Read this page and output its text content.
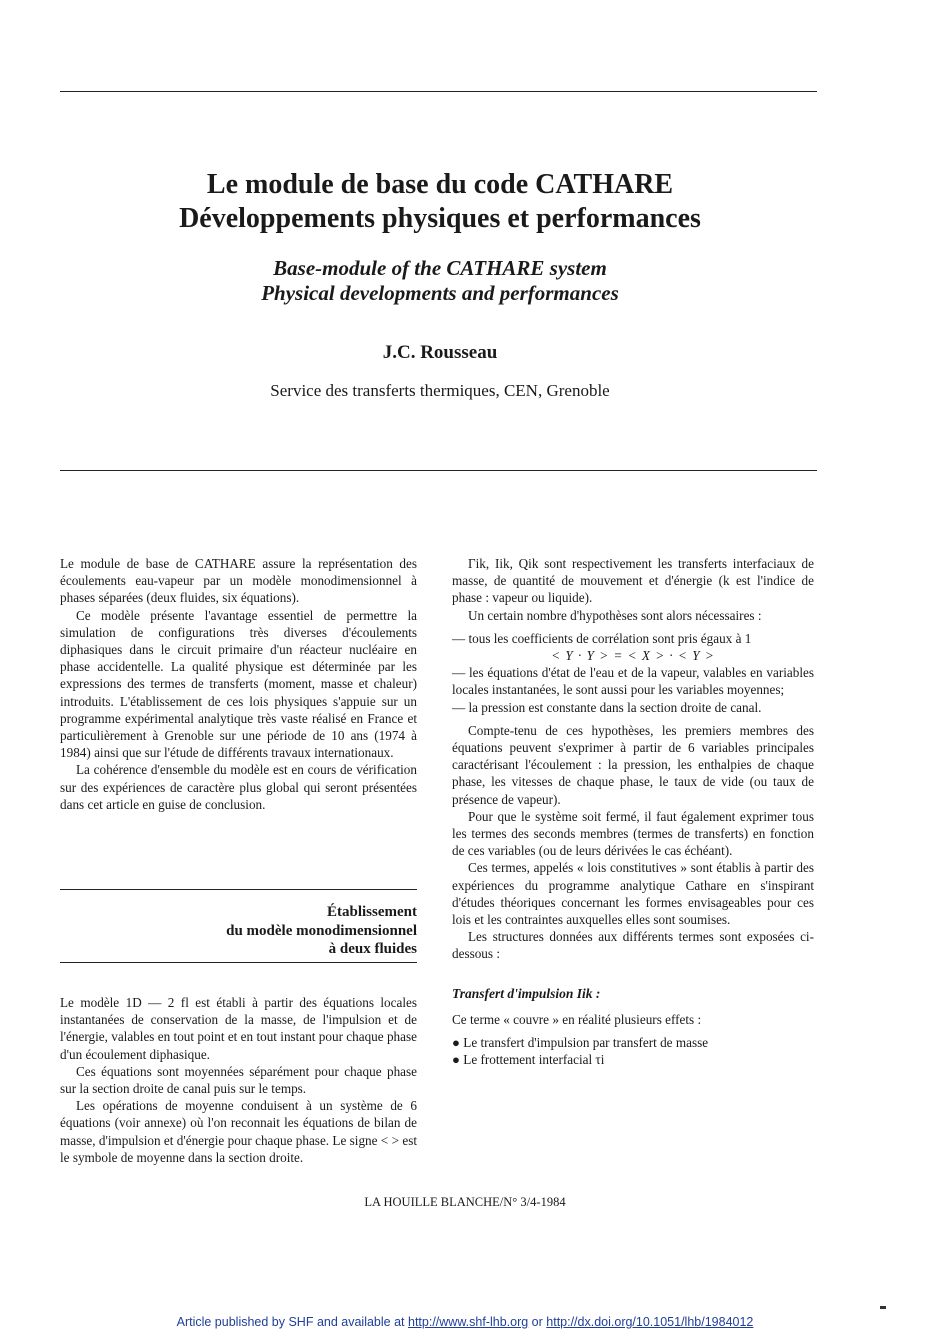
Le module de base du code CATHARE
Développements physiques et performances
Base-module of the CATHARE system
Physical developments and performances
J.C. Rousseau
Service des transferts thermiques, CEN, Grenoble

Le module de base de CATHARE assure la représentation des écoulements eau-vapeur par un modèle monodimensionnel à phases séparées (deux fluides, six équations).

Ce modèle présente l'avantage essentiel de permettre la simulation de configurations très diverses d'écoulements diphasiques dans le circuit primaire d'un réacteur nucléaire en phase accidentelle. La qualité physique est déterminée par les expressions des termes de transferts (moment, masse et chaleur) introduits. L'établissement de ces lois physiques s'appuie sur un programme expérimental analytique très vaste réalisé en France et particulièrement à Grenoble sur une période de 10 ans (1974 à 1984) ainsi que sur l'étude de différents travaux internationaux.

La cohérence d'ensemble du modèle est en cours de vérification sur des expériences de caractère plus global qui seront présentées dans cet article en guise de conclusion.

Établissement
du modèle monodimensionnel
à deux fluides

Le modèle 1D — 2 fl est établi à partir des équations locales instantanées de conservation de la masse, de l'impulsion et de l'énergie, valables en tout point et en tout instant pour chaque phase d'un écoulement diphasique.

Ces équations sont moyennées séparément pour chaque phase sur la section droite de canal puis sur le temps.

Les opérations de moyenne conduisent à un système de 6 équations (voir annexe) où l'on reconnait les équations de bilan de masse, d'impulsion et d'énergie pour chaque phase. Le signe < > est le symbole de moyenne dans la section droite.

Γik, Iik, Qik sont respectivement les transferts interfaciaux de masse, de quantité de mouvement et d'énergie (k est l'indice de phase : vapeur ou liquide).

Un certain nombre d'hypothèses sont alors nécessaires :

— tous les coefficients de corrélation sont pris égaux à 1

< Y · Y > = < X > · < Y >

— les équations d'état de l'eau et de la vapeur, valables en variables locales instantanées, le sont aussi pour les variables moyennes;

— la pression est constante dans la section droite de canal.

Compte-tenu de ces hypothèses, les premiers membres des équations peuvent s'exprimer à partir de 6 variables principales caractérisant l'écoulement : la pression, les enthalpies de chaque phase, les vitesses de chaque phase, le taux de vide (ou taux de présence de vapeur).

Pour que le système soit fermé, il faut également exprimer tous les termes des seconds membres (termes de transferts) en fonction de ces variables (ou de leurs dérivées le cas échéant).

Ces termes, appelés « lois constitutives » sont établis à partir des expériences du programme analytique Cathare en s'inspirant d'études théoriques concernant les formes envisageables pour ces lois et les contraintes auxquelles elles sont soumises.

Les structures données aux différents termes sont exposées ci-dessous :

Transfert d'impulsion Iik :

Ce terme « couvre » en réalité plusieurs effets :

● Le transfert d'impulsion par transfert de masse

● Le frottement interfacial τi

LA HOUILLE BLANCHE/N° 3/4-1984
Article published by SHF and available at http://www.shf-lhb.org or http://dx.doi.org/10.1051/lhb/1984012
